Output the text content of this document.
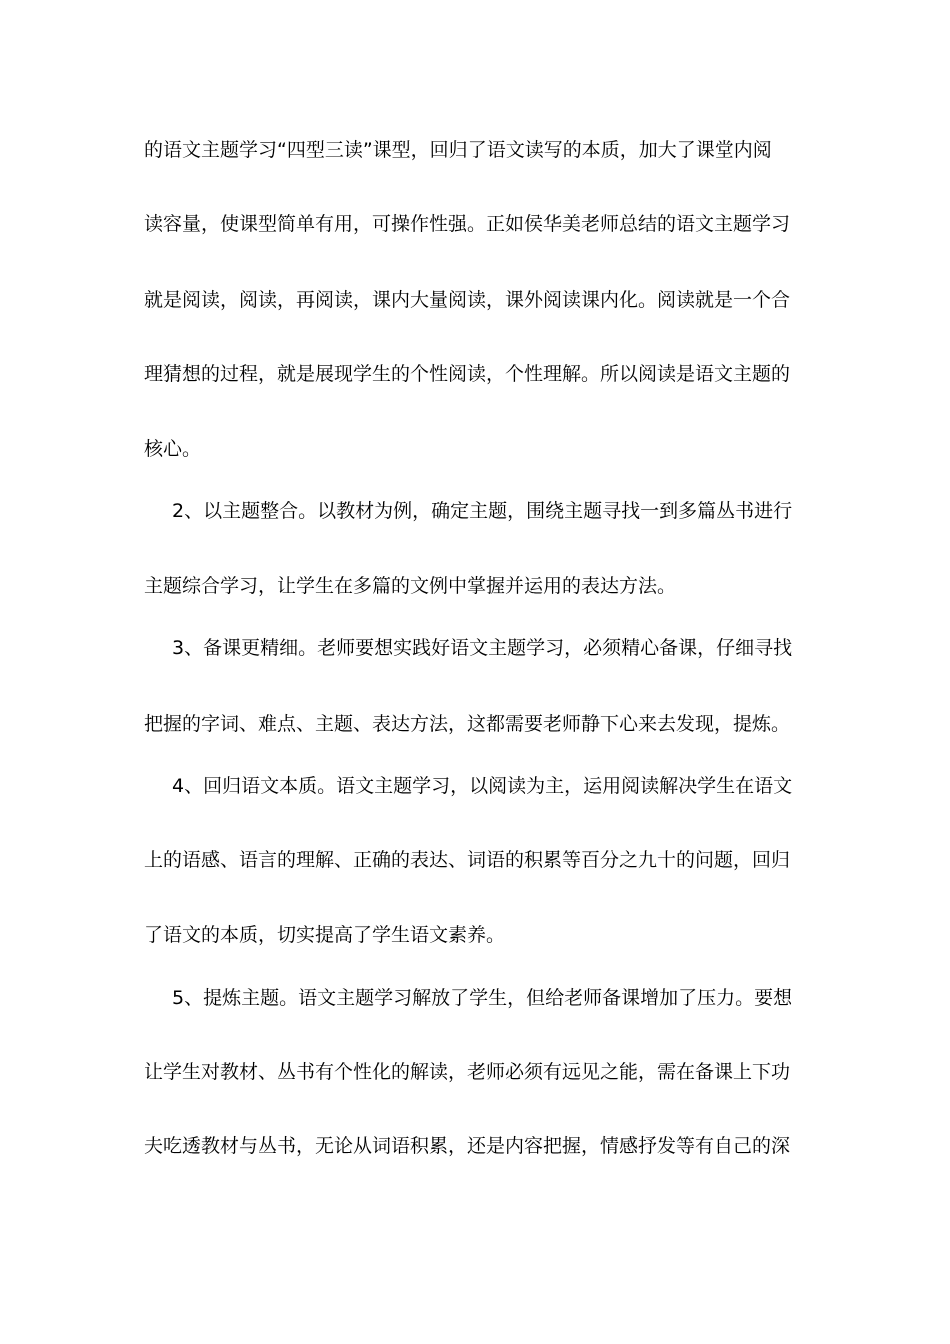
的语文主题学习“四型三读”课型，回归了语文读写的本质，加大了课堂内阅
读容量，使课型简单有用，可操作性强。正如侯华美老师总结的语文主题学习
就是阅读，阅读，再阅读，课内大量阅读，课外阅读课内化。阅读就是一个合
理猜想的过程，就是展现学生的个性阅读，个性理解。所以阅读是语文主题的
核心。
2、以主题整合。以教材为例，确定主题，围绕主题寻找一到多篇丛书进行
主题综合学习，让学生在多篇的文例中掌握并运用的表达方法。
3、备课更精细。老师要想实践好语文主题学习，必须精心备课，仔细寻找
把握的字词、难点、主题、表达方法，这都需要老师静下心来去发现，提炼。
4、回归语文本质。语文主题学习，以阅读为主，运用阅读解决学生在语文
上的语感、语言的理解、正确的表达、词语的积累等百分之九十的问题，回归
了语文的本质，切实提高了学生语文素养。
5、提炼主题。语文主题学习解放了学生，但给老师备课增加了压力。要想
让学生对教材、丛书有个性化的解读，老师必须有远见之能，需在备课上下功
夫吃透教材与丛书，无论从词语积累，还是内容把握，情感抒发等有自己的深
